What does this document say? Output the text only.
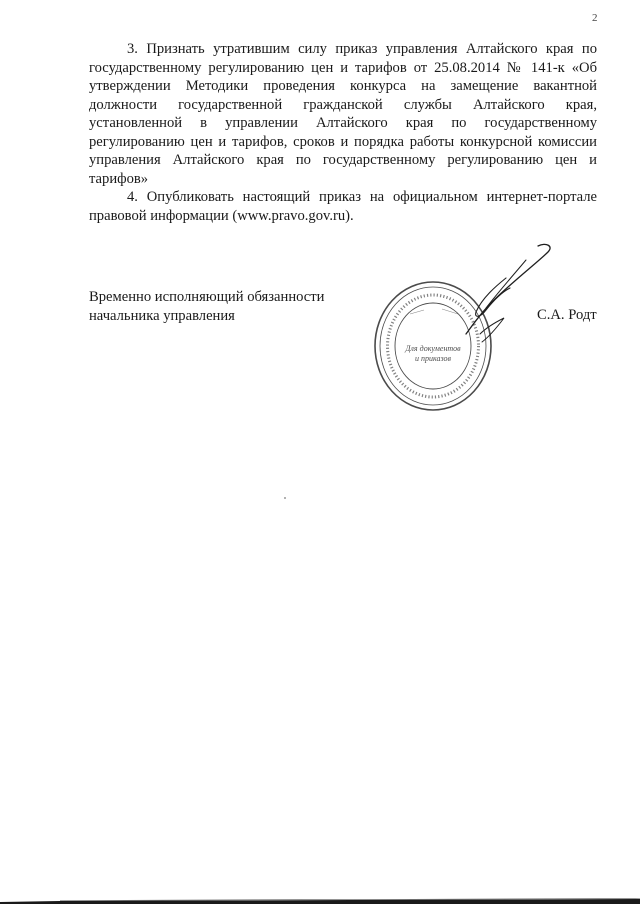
2

3. Признать утратившим силу приказ управления Алтайского края по государственному регулированию цен и тарифов от 25.08.2014 № 141-к «Об утверждении Методики проведения конкурса на замещение вакантной должности государственной гражданской службы Алтайского края, установленной в управлении Алтайского края по государственному регулированию цен и тарифов, сроков и порядка работы конкурсной комиссии управления Алтайского края по государственному регулированию цен и тарифов»

4. Опубликовать настоящий приказ на официальном интернет-портале правовой информации (www.pravo.gov.ru).

Временно исполняющий обязанности
начальника управления
Для документов
и приказов
С.А. Родт
